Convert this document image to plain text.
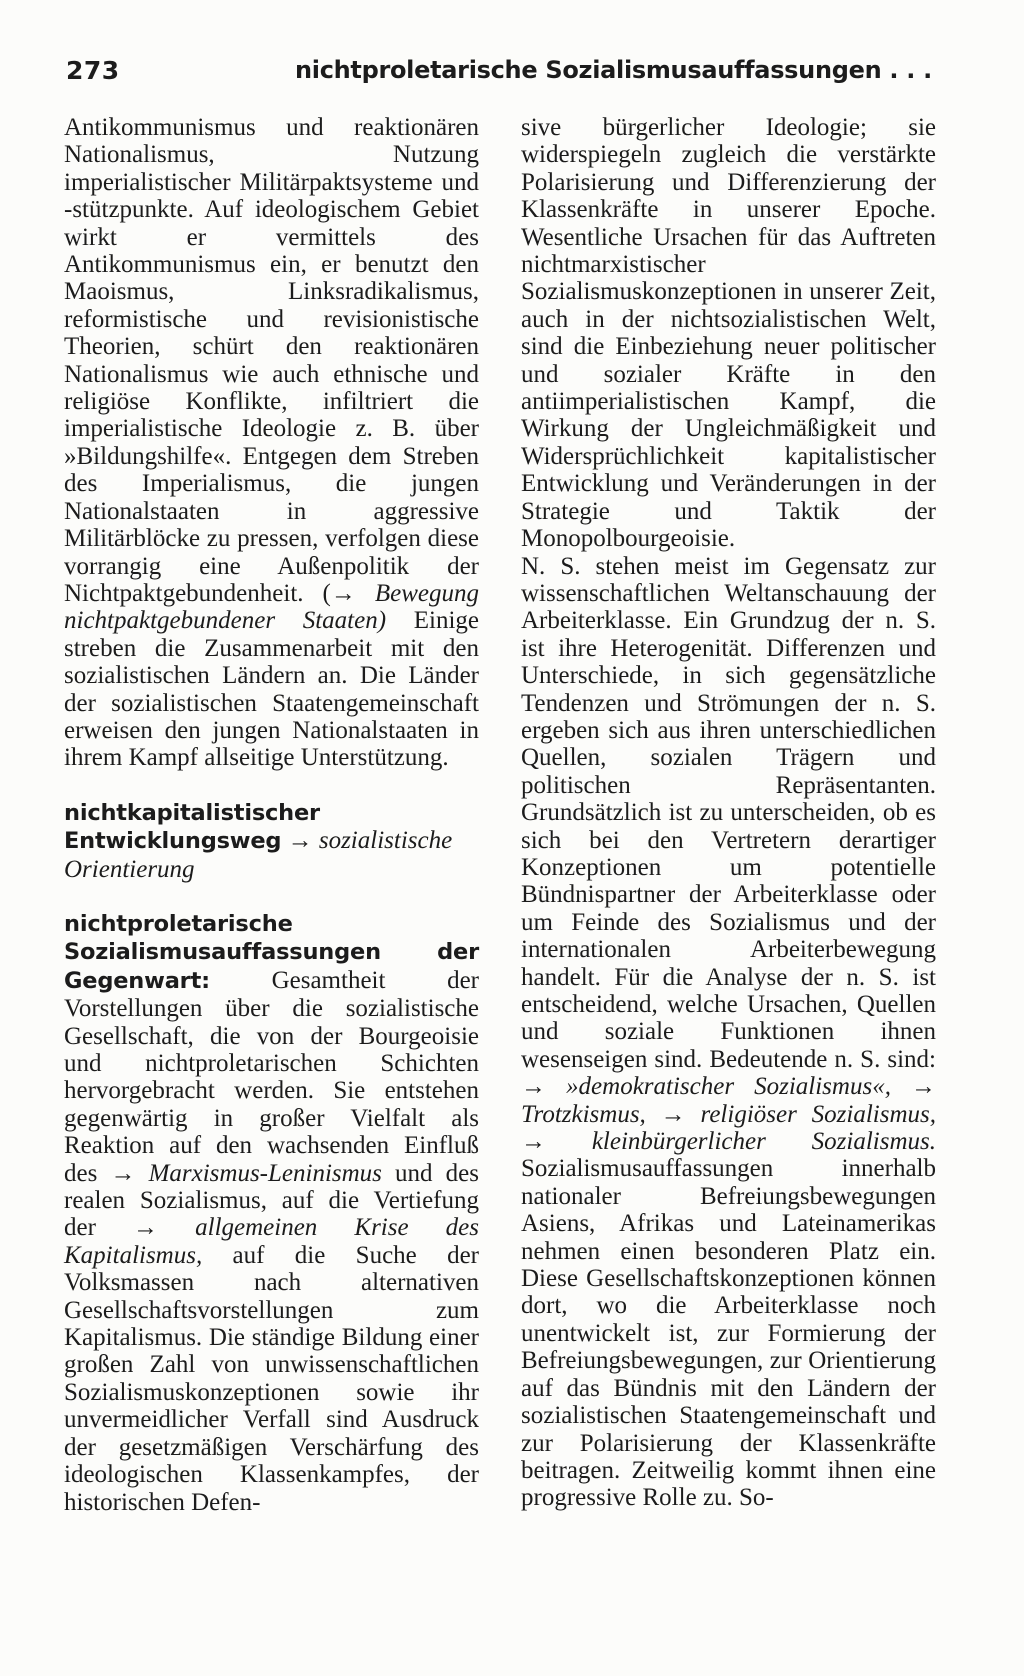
273	nichtproletarische Sozialismusauffassungen . . .

Antikommunismus und reaktionären Nationalismus, Nutzung imperialistischer Militärpaktsysteme und -stützpunkte. Auf ideologischem Gebiet wirkt er vermittels des Antikommunismus ein, er benutzt den Maoismus, Linksradikalismus, reformistische und revisionistische Theorien, schürt den reaktionären Nationalismus wie auch ethnische und religiöse Konflikte, infiltriert die imperialistische Ideologie z. B. über »Bildungshilfe«. Entgegen dem Streben des Imperialismus, die jungen Nationalstaaten in aggressive Militärblöcke zu pressen, verfolgen diese vorrangig eine Außenpolitik der Nichtpaktgebundenheit. (→ Bewegung nichtpaktgebundener Staaten) Einige streben die Zusammenarbeit mit den sozialistischen Ländern an. Die Länder der sozialistischen Staatengemeinschaft erweisen den jungen Nationalstaaten in ihrem Kampf allseitige Unterstützung.

nichtkapitalistischer Entwicklungsweg → sozialistische Orientierung

nichtproletarische Sozialismusauffassungen der Gegenwart: Gesamtheit der Vorstellungen über die sozialistische Gesellschaft, die von der Bourgeoisie und nichtproletarischen Schichten hervorgebracht werden. Sie entstehen gegenwärtig in großer Vielfalt als Reaktion auf den wachsenden Einfluß des → Marxismus-Leninismus und des realen Sozialismus, auf die Vertiefung der → allgemeinen Krise des Kapitalismus, auf die Suche der Volksmassen nach alternativen Gesellschaftsvorstellungen zum Kapitalismus. Die ständige Bildung einer großen Zahl von unwissenschaftlichen Sozialismuskonzeptionen sowie ihr unvermeidlicher Verfall sind Ausdruck der gesetzmäßigen Verschärfung des ideologischen Klassenkampfes, der historischen Defen-

sive bürgerlicher Ideologie; sie widerspiegeln zugleich die verstärkte Polarisierung und Differenzierung der Klassenkräfte in unserer Epoche. Wesentliche Ursachen für das Auftreten nichtmarxistischer Sozialismuskonzeptionen in unserer Zeit, auch in der nichtsozialistischen Welt, sind die Einbeziehung neuer politischer und sozialer Kräfte in den antiimperialistischen Kampf, die Wirkung der Ungleichmäßigkeit und Widersprüchlichkeit kapitalistischer Entwicklung und Veränderungen in der Strategie und Taktik der Monopolbourgeoisie.

N. S. stehen meist im Gegensatz zur wissenschaftlichen Weltanschauung der Arbeiterklasse. Ein Grundzug der n. S. ist ihre Heterogenität. Differenzen und Unterschiede, in sich gegensätzliche Tendenzen und Strömungen der n. S. ergeben sich aus ihren unterschiedlichen Quellen, sozialen Trägern und politischen Repräsentanten. Grundsätzlich ist zu unterscheiden, ob es sich bei den Vertretern derartiger Konzeptionen um potentielle Bündnispartner der Arbeiterklasse oder um Feinde des Sozialismus und der internationalen Arbeiterbewegung handelt. Für die Analyse der n. S. ist entscheidend, welche Ursachen, Quellen und soziale Funktionen ihnen wesenseigen sind. Bedeutende n. S. sind: → »demokratischer Sozialismus«, → Trotzkismus, → religiöser Sozialismus, → kleinbürgerlicher Sozialismus. Sozialismusauffassungen innerhalb nationaler Befreiungsbewegungen Asiens, Afrikas und Lateinamerikas nehmen einen besonderen Platz ein. Diese Gesellschaftskonzeptionen können dort, wo die Arbeiterklasse noch unentwickelt ist, zur Formierung der Befreiungsbewegungen, zur Orientierung auf das Bündnis mit den Ländern der sozialistischen Staatengemeinschaft und zur Polarisierung der Klassenkräfte beitragen. Zeitweilig kommt ihnen eine progressive Rolle zu. So-
